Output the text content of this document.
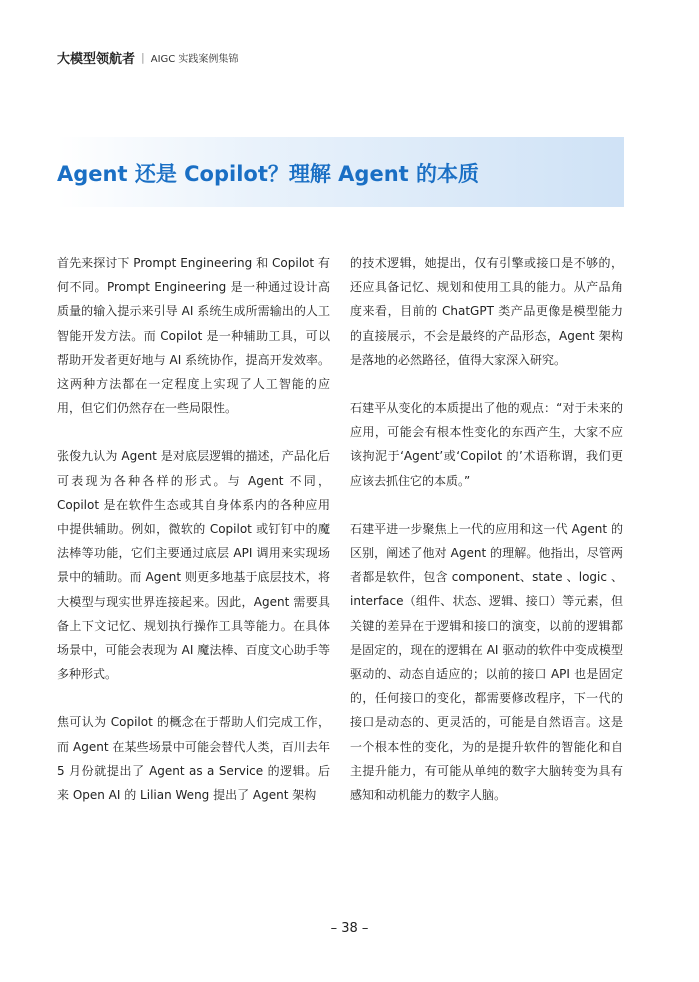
大模型领航者 | AIGC 实践案例集锦
Agent 还是 Copilot？理解 Agent 的本质

首先来探讨下 Prompt Engineering 和 Copilot 有何不同。Prompt Engineering 是一种通过设计高质量的输入提示来引导 AI 系统生成所需输出的人工智能开发方法。而 Copilot 是一种辅助工具，可以帮助开发者更好地与 AI 系统协作，提高开发效率。这两种方法都在一定程度上实现了人工智能的应用，但它们仍然存在一些局限性。

张俊九认为 Agent 是对底层逻辑的描述，产品化后可表现为各种各样的形式。与 Agent 不同，Copilot 是在软件生态或其自身体系内的各种应用中提供辅助。例如，微软的 Copilot 或钉钉中的魔法棒等功能，它们主要通过底层 API 调用来实现场景中的辅助。而 Agent 则更多地基于底层技术，将大模型与现实世界连接起来。因此，Agent 需要具备上下文记忆、规划执行操作工具等能力。在具体场景中，可能会表现为 AI 魔法棒、百度文心助手等多种形式。

焦可认为 Copilot 的概念在于帮助人们完成工作，而 Agent 在某些场景中可能会替代人类，百川去年 5 月份就提出了 Agent as a Service 的逻辑。后来 Open AI 的 Lilian Weng 提出了 Agent 架构

的技术逻辑，她提出，仅有引擎或接口是不够的，还应具备记忆、规划和使用工具的能力。从产品角度来看，目前的 ChatGPT 类产品更像是模型能力的直接展示，不会是最终的产品形态，Agent 架构是落地的必然路径，值得大家深入研究。

石建平从变化的本质提出了他的观点：“对于未来的应用，可能会有根本性变化的东西产生，大家不应该拘泥于‘Agent’或‘Copilot 的’术语称谓，我们更应该去抓住它的本质。”

石建平进一步聚焦上一代的应用和这一代 Agent 的区别，阐述了他对 Agent 的理解。他指出，尽管两者都是软件，包含 component、state 、logic 、interface（组件、状态、逻辑、接口）等元素，但关键的差异在于逻辑和接口的演变，以前的逻辑都是固定的，现在的逻辑在 AI 驱动的软件中变成模型驱动的、动态自适应的；以前的接口 API 也是固定的，任何接口的变化，都需要修改程序，下一代的接口是动态的、更灵活的，可能是自然语言。这是一个根本性的变化，为的是提升软件的智能化和自主提升能力，有可能从单纯的数字大脑转变为具有感知和动机能力的数字人脑。

– 38 –
